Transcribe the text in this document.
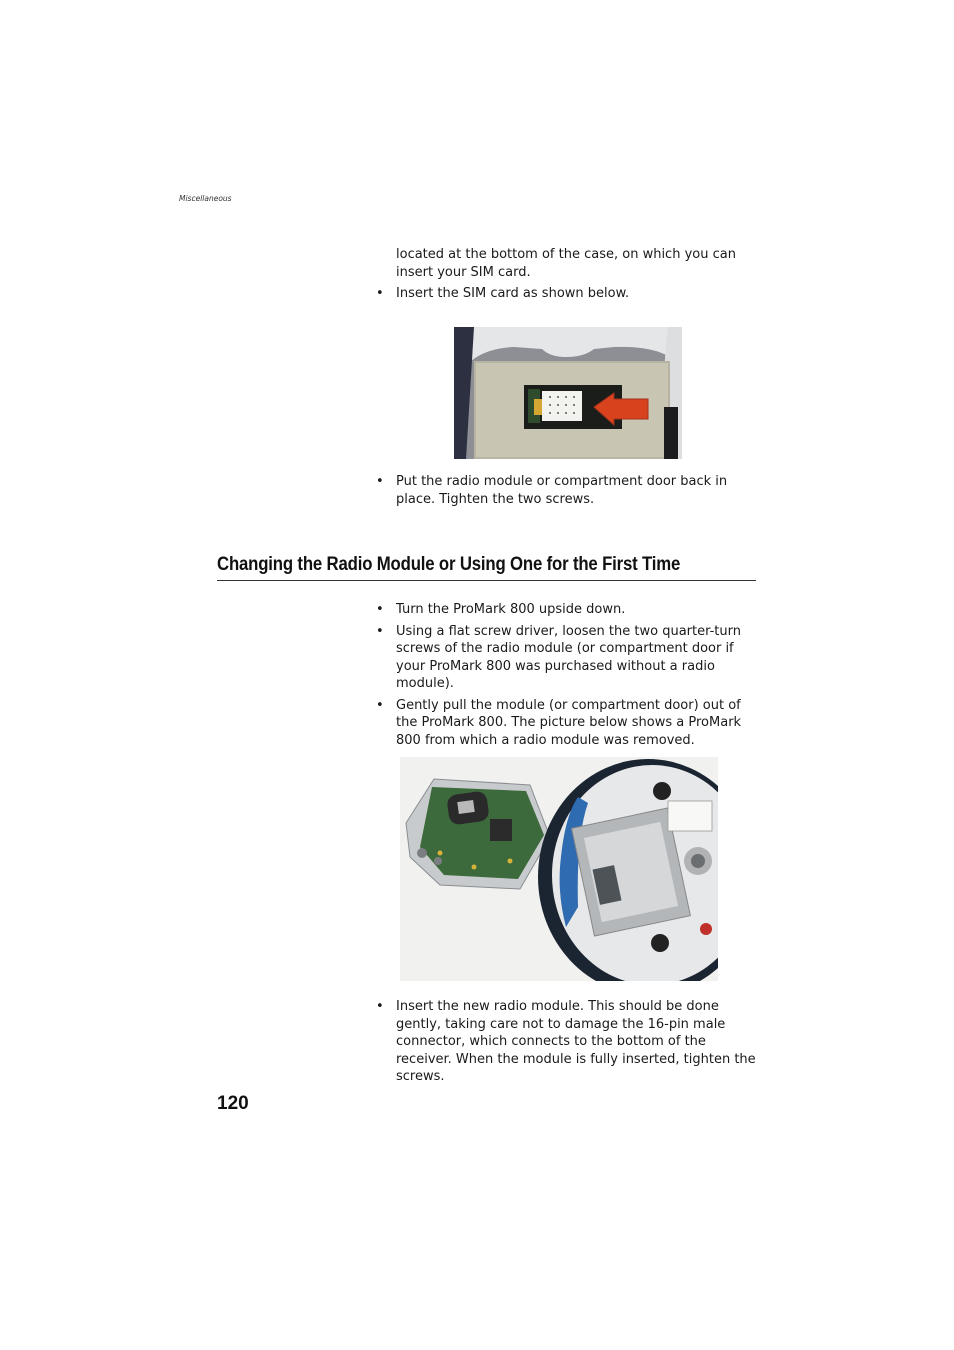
Miscellaneous

located at the bottom of the case, on which you can insert your SIM card.

• Insert the SIM card as shown below.
• Put the radio module or compartment door back in place. Tighten the two screws.
Changing the Radio Module or Using One for the First Time
• Turn the ProMark 800 upside down.
• Using a flat screw driver, loosen the two quarter-turn screws of the radio module (or compartment door if your ProMark 800 was purchased without a radio module).
• Gently pull the module (or compartment door) out of the ProMark 800. The picture below shows a ProMark 800 from which a radio module was removed.
• Insert the new radio module. This should be done gently, taking care not to damage the 16-pin male connector, which connects to the bottom of the receiver. When the module is fully inserted, tighten the screws.
120
